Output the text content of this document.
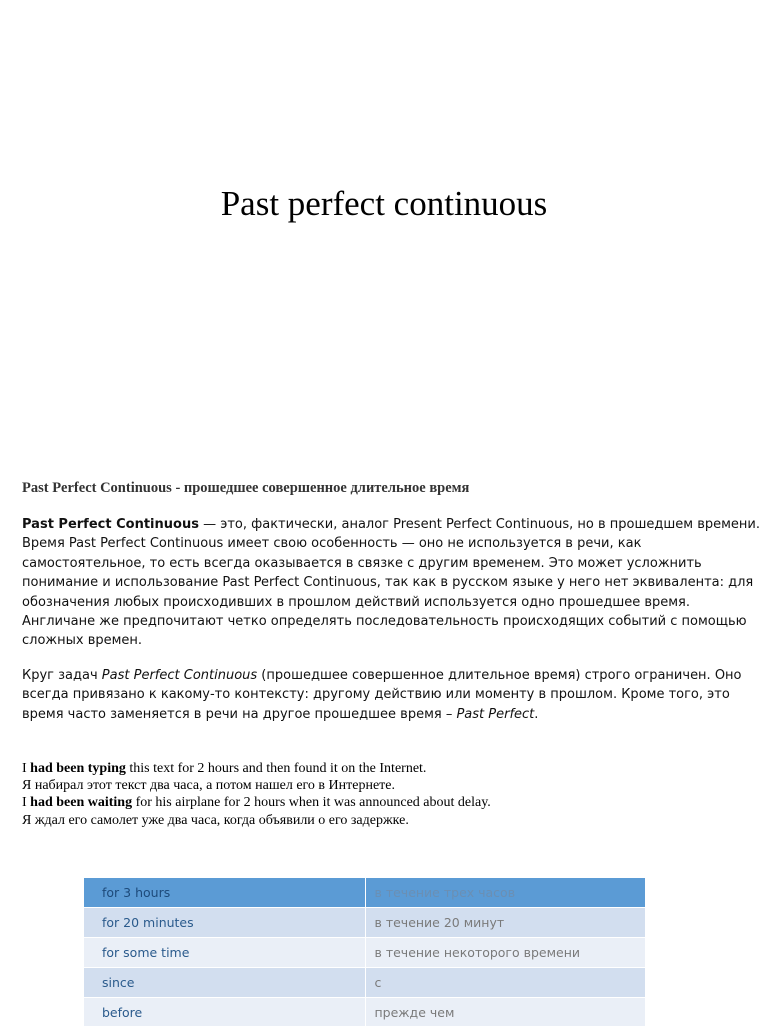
Past perfect continuous
Past Perfect Continuous - прошедшее совершенное длительное время
Past Perfect Continuous — это, фактически, аналог Present Perfect Continuous, но в прошедшем времени. Время Past Perfect Continuous имеет свою особенность — оно не используется в речи, как самостоятельное, то есть всегда оказывается в связке с другим временем. Это может усложнить понимание и использование Past Perfect Continuous, так как в русском языке у него нет эквивалента: для обозначения любых происходивших в прошлом действий используется одно прошедшее время. Англичане же предпочитают четко определять последовательность происходящих событий с помощью сложных времен.
Круг задач Past Perfect Continuous (прошедшее совершенное длительное время) строго ограничен. Оно всегда привязано к какому-то контексту: другому действию или моменту в прошлом. Кроме того, это время часто заменяется в речи на другое прошедшее время – Past Perfect.
I had been typing this text for 2 hours and then found it on the Internet.
Я набирал этот текст два часа, а потом нашел его в Интернете.
I had been waiting for his airplane for 2 hours when it was announced about delay.
Я ждал его самолет уже два часа, когда объявили о его задержке.
for 3 hours	в течение трех часов
for 20 minutes	в течение 20 минут
for some time	в течение некоторого времени
since	с
before	прежде чем
